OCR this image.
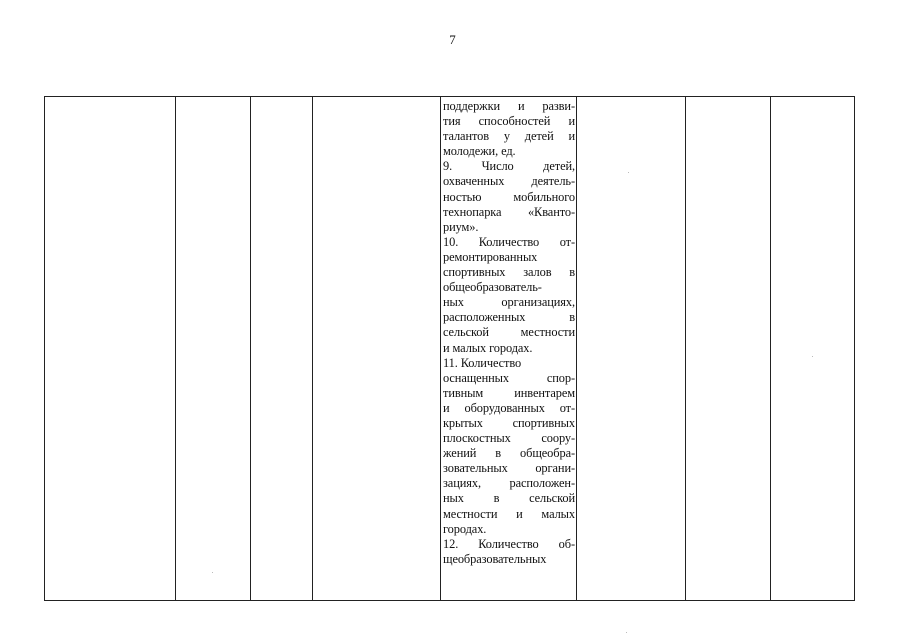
7

поддержки и разви-
тия способностей и
талантов у детей и
молодежи, ед.
9. Число детей,
охваченных деятель-
ностью мобильного
технопарка «Кванто-
риум».
10. Количество от-
ремонтированных
спортивных залов в
общеобразователь-
ных организациях,
расположенных в
сельской местности
и малых городах.
11. Количество
оснащенных спор-
тивным инвентарем
и оборудованных от-
крытых спортивных
плоскостных соору-
жений в общеобра-
зовательных органи-
зациях, расположен-
ных в сельской
местности и малых
городах.
12. Количество об-
щеобразовательных
